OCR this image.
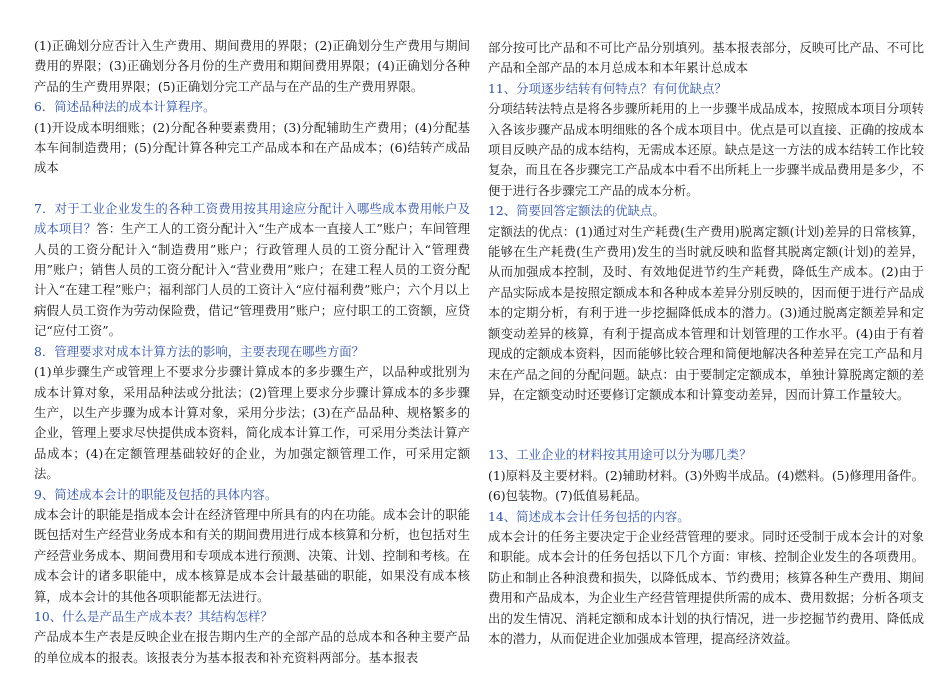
(1)正确划分应否计入生产费用、期间费用的界限；(2)正确划分生产费用与期间费用的界限；(3)正确划分各月份的生产费用和期间费用界限；(4)正确划分各种产品的生产费用界限；(5)正确划分完工产品与在产品的生产费用界限。

6．简述品种法的成本计算程序。

(1)开设成本明细账；(2)分配各种要素费用；(3)分配辅助生产费用；(4)分配基本车间制造费用；(5)分配计算各种完工产品成本和在产品成本；(6)结转产成品成本

7．对于工业企业发生的各种工资费用按其用途应分配计入哪些成本费用帐户及成本项目？答：生产工人的工资分配计入“生产成本一直接人工”账户；车间管理人员的工资分配计入“制造费用”账户；行政管理人员的工资分配计入“管理费用”账户；销售人员的工资分配计入“营业费用”账户；在建工程人员的工资分配计入“在建工程”账户；福利部门人员的工资计入“应付福利费”账户；六个月以上病假人员工资作为劳动保险费，借记“管理费用”账户；应付职工的工资额，应贷记“应付工资”。

8．管理要求对成本计算方法的影响，主要表现在哪些方面？

(1)单步骤生产或管理上不要求分步骤计算成本的多步骤生产，以品种或批别为成本计算对象，采用品种法或分批法；(2)管理上要求分步骤计算成本的多步骤生产，以生产步骤为成本计算对象，采用分步法；(3)在产品品种、规格繁多的企业，管理上要求尽快提供成本资料，简化成本计算工作，可采用分类法计算产品成本；(4)在定额管理基础较好的企业，为加强定额管理工作，可采用定额法。

9、简述成本会计的职能及包括的具体内容。

成本会计的职能是指成本会计在经济管理中所具有的内在功能。成本会计的职能既包括对生产经营业务成本和有关的期间费用进行成本核算和分析，也包括对生产经营业务成本、期间费用和专项成本进行预测、决策、计划、控制和考核。在成本会计的诸多职能中，成本核算是成本会计最基础的职能，如果没有成本核算，成本会计的其他各项职能都无法进行。

10、什么是产品生产成本表？其结构怎样？

产品成本生产表是反映企业在报告期内生产的全部产品的总成本和各种主要产品的单位成本的报表。该报表分为基本报表和补充资料两部分。基本报表

部分按可比产品和不可比产品分别填列。基本报表部分，反映可比产品、不可比产品和全部产品的本月总成本和本年累计总成本

11、分项逐步结转有何特点？有何优缺点？

分项结转法特点是将各步骤所耗用的上一步骤半成品成本，按照成本项目分项转入各该步骤产品成本明细账的各个成本项目中。优点是可以直接、正确的按成本项目反映产品的成本结构，无需成本还原。缺点是这一方法的成本结转工作比较复杂，而且在各步骤完工产品成本中看不出所耗上一步骤半成品费用是多少，不便于进行各步骤完工产品的成本分析。

12、简要回答定额法的优缺点。

定额法的优点：(1)通过对生产耗费(生产费用)脱离定额(计划)差异的日常核算，能够在生产耗费(生产费用)发生的当时就反映和监督其脱离定额(计划)的差异，从而加强成本控制，及时、有效地促进节约生产耗费，降低生产成本。(2)由于产品实际成本是按照定额成本和各种成本差异分别反映的，因而便于进行产品成本的定期分析，有利于进一步挖掘降低成本的潜力。(3)通过脱离定额差异和定额变动差异的核算，有利于提高成本管理和计划管理的工作水平。(4)由于有着现成的定额成本资料，因而能够比较合理和简便地解决各种差异在完工产品和月末在产品之间的分配问题。缺点：由于要制定定额成本，单独计算脱离定额的差异，在定额变动时还要修订定额成本和计算变动差异，因而计算工作量较大。

13、工业企业的材料按其用途可以分为哪几类？

(1)原料及主要材料。(2)辅助材料。(3)外购半成品。(4)燃料。(5)修理用备件。(6)包装物。(7)低值易耗品。

14、简述成本会计任务包括的内容。

成本会计的任务主要决定于企业经营管理的要求。同时还受制于成本会计的对象和职能。成本会计的任务包括以下几个方面：审核、控制企业发生的各项费用。防止和制止各种浪费和损失，以降低成本、节约费用；核算各种生产费用、期间费用和产品成本，为企业生产经营管理提供所需的成本、费用数据；分析各项支出的发生情况、消耗定额和成本计划的执行情况，进一步挖掘节约费用、降低成本的潜力，从而促进企业加强成本管理，提高经济效益。
